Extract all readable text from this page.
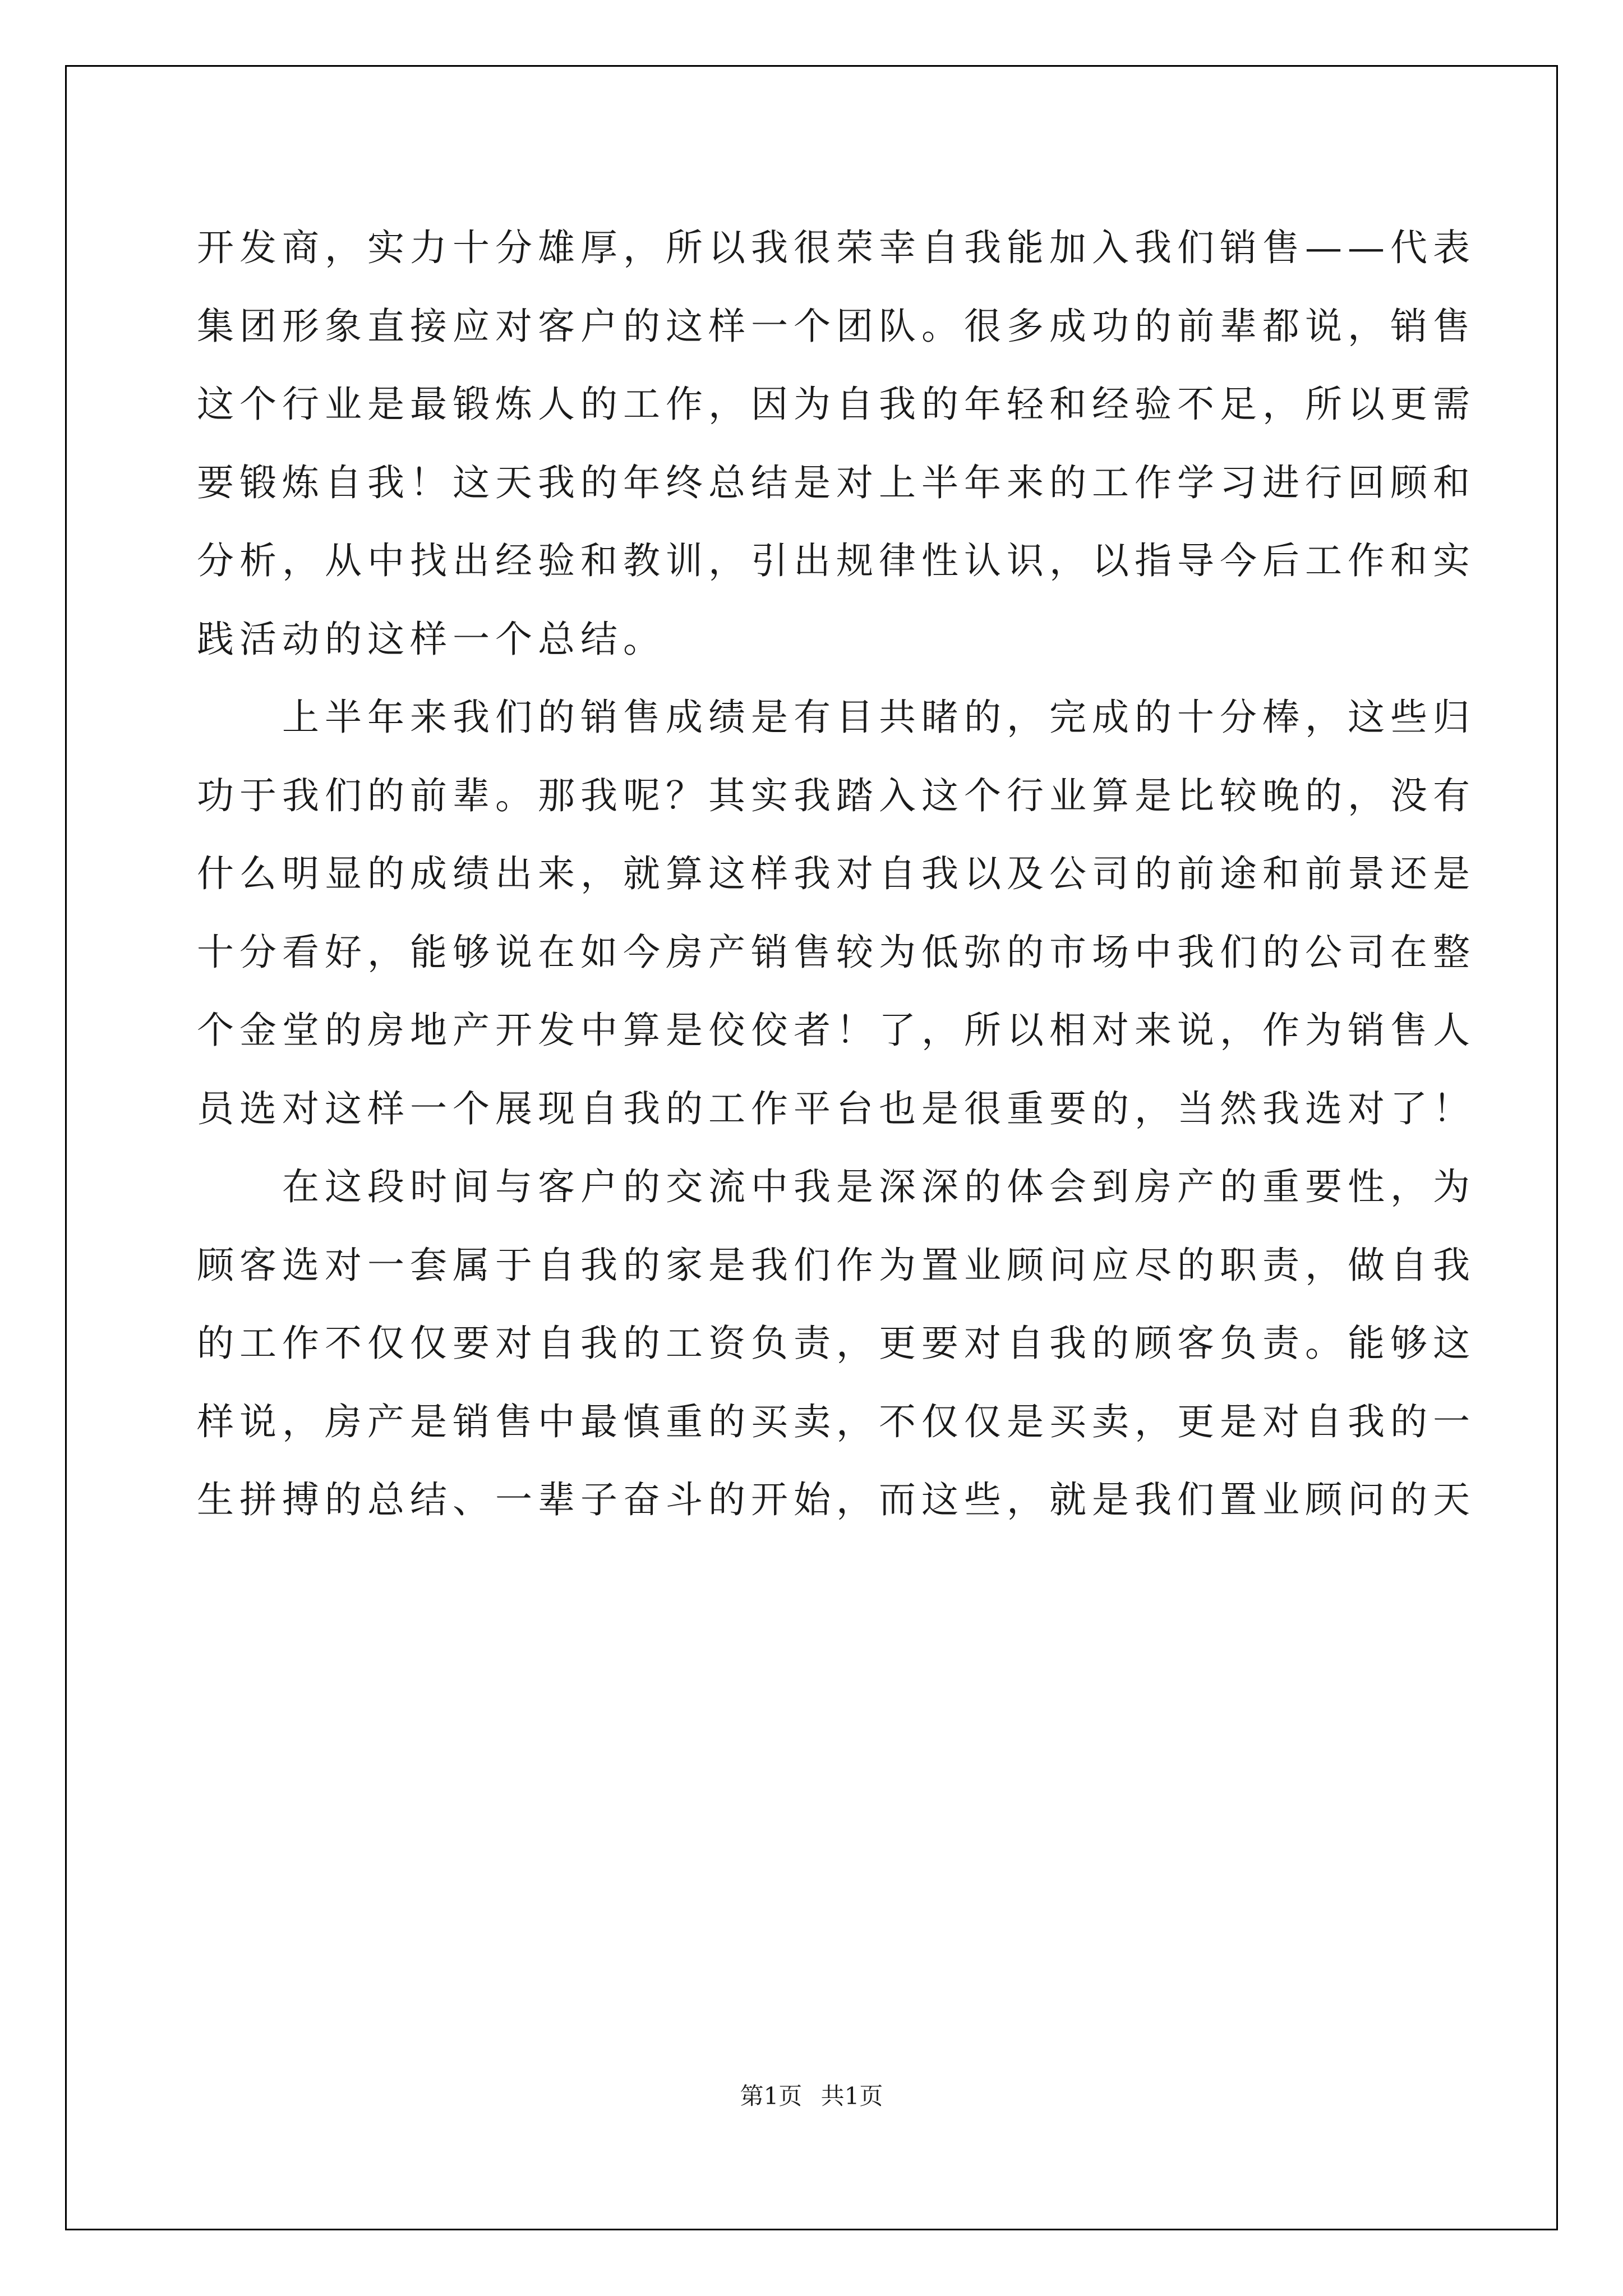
开发商，实力十分雄厚，所以我很荣幸自我能加入我们销售——代表
集团形象直接应对客户的这样一个团队。很多成功的前辈都说，销售
这个行业是最锻炼人的工作，因为自我的年轻和经验不足，所以更需
要锻炼自我！这天我的年终总结是对上半年来的工作学习进行回顾和
分析，从中找出经验和教训，引出规律性认识，以指导今后工作和实
践活动的这样一个总结。
　　上半年来我们的销售成绩是有目共睹的，完成的十分棒，这些归
功于我们的前辈。那我呢？其实我踏入这个行业算是比较晚的，没有
什么明显的成绩出来，就算这样我对自我以及公司的前途和前景还是
十分看好，能够说在如今房产销售较为低弥的市场中我们的公司在整
个金堂的房地产开发中算是佼佼者！了，所以相对来说，作为销售人
员选对这样一个展现自我的工作平台也是很重要的，当然我选对了！
　　在这段时间与客户的交流中我是深深的体会到房产的重要性，为
顾客选对一套属于自我的家是我们作为置业顾问应尽的职责，做自我
的工作不仅仅要对自我的工资负责，更要对自我的顾客负责。能够这
样说，房产是销售中最慎重的买卖，不仅仅是买卖，更是对自我的一
生拼搏的总结、一辈子奋斗的开始，而这些，就是我们置业顾问的天
第1页 共1页
